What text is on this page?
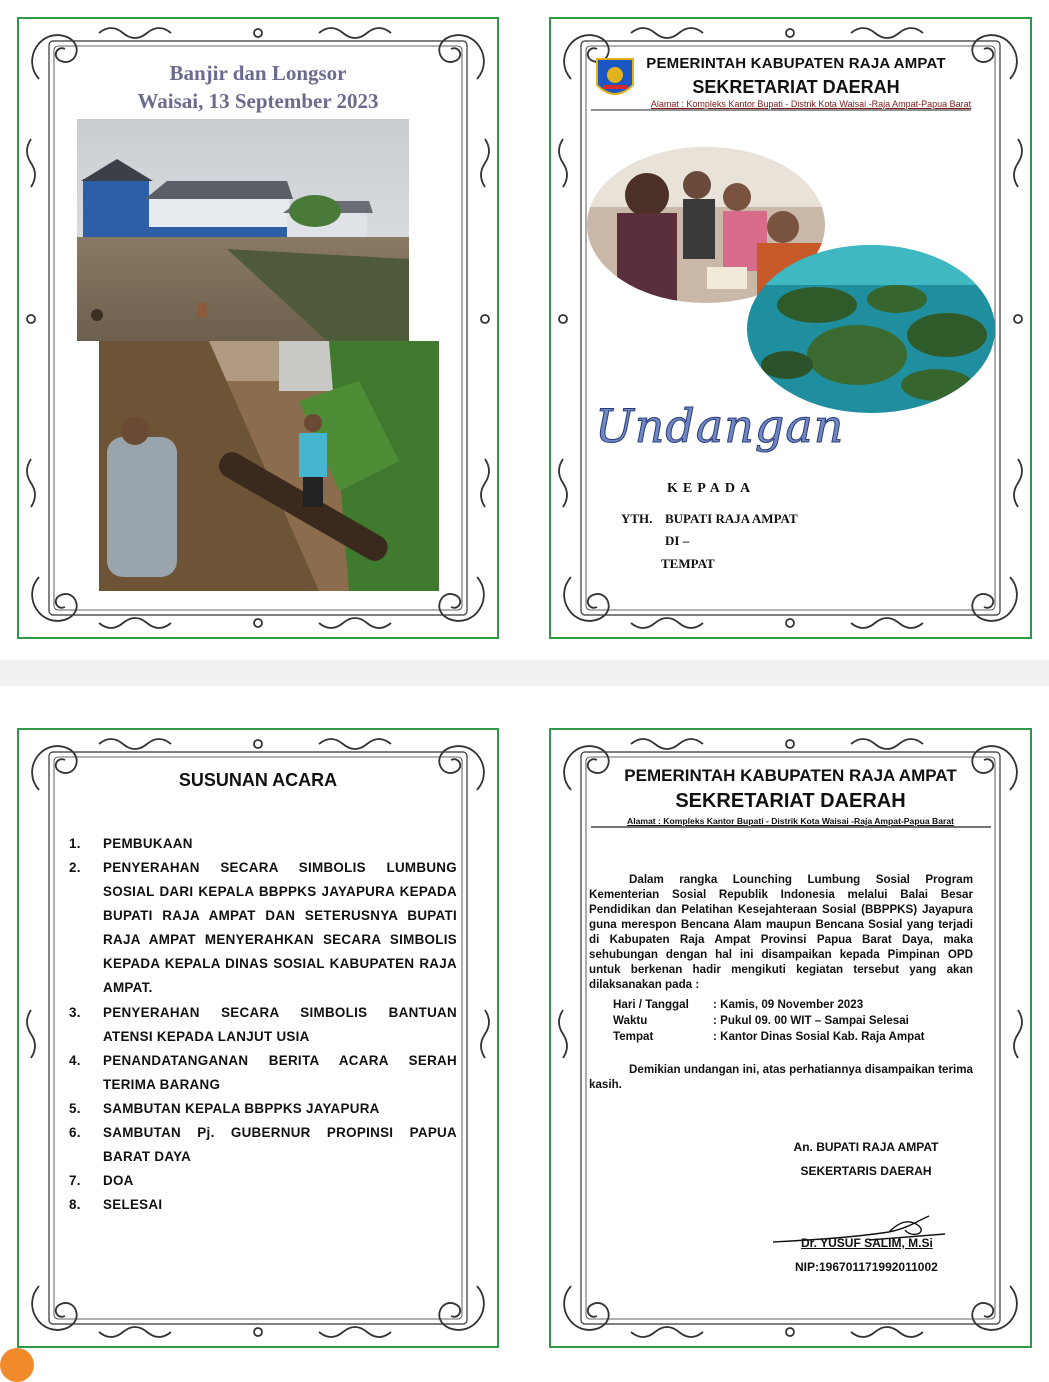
Banjir dan Longsor
Waisai, 13 September 2023
PEMERINTAH KABUPATEN RAJA AMPAT
SEKRETARIAT DAERAH
Alamat : Kompleks Kantor Bupati - Distrik Kota Waisai -Raja Ampat-Papua Barat
Undangan
KEPADA
YTH. BUPATI RAJA AMPAT
DI –
TEMPAT
SUSUNAN ACARA
1.	PEMBUKAAN
2.	PENYERAHAN SECARA SIMBOLIS LUMBUNG
SOSIAL DARI KEPALA BBPPKS JAYAPURA KEPADA
BUPATI RAJA AMPAT DAN SETERUSNYA BUPATI
RAJA AMPAT MENYERAHKAN SECARA SIMBOLIS
KEPADA KEPALA DINAS SOSIAL KABUPATEN RAJA
AMPAT.
3.	PENYERAHAN SECARA SIMBOLIS BANTUAN
ATENSI KEPADA LANJUT USIA
4.	PENANDATANGANAN BERITA ACARA SERAH
TERIMA BARANG
5.	SAMBUTAN KEPALA BBPPKS JAYAPURA
6.	SAMBUTAN Pj. GUBERNUR PROPINSI PAPUA
BARAT DAYA
7.	DOA
8.	SELESAI
PEMERINTAH KABUPATEN RAJA AMPAT
SEKRETARIAT DAERAH
Alamat : Kompleks Kantor Bupati - Distrik Kota Waisai -Raja Ampat-Papua Barat
Dalam rangka Lounching Lumbung Sosial Program Kementerian Sosial Republik Indonesia melalui Balai Besar Pendidikan dan Pelatihan Kesejahteraan Sosial (BBPPKS) Jayapura guna merespon Bencana Alam maupun Bencana Sosial yang terjadi di Kabupaten Raja Ampat Provinsi Papua Barat Daya, maka sehubungan dengan hal ini disampaikan kepada Pimpinan OPD untuk berkenan hadir mengikuti kegiatan tersebut yang akan dilaksanakan pada :
Hari / Tanggal : Kamis, 09 November 2023
Waktu	: Pukul 09. 00 WIT – Sampai Selesai
Tempat	: Kantor Dinas Sosial Kab. Raja Ampat
Demikian undangan ini, atas perhatiannya disampaikan terima kasih.
An. BUPATI RAJA AMPAT
SEKERTARIS DAERAH
Dr. YUSUF SALIM, M.Si
NIP:196701171992011002
